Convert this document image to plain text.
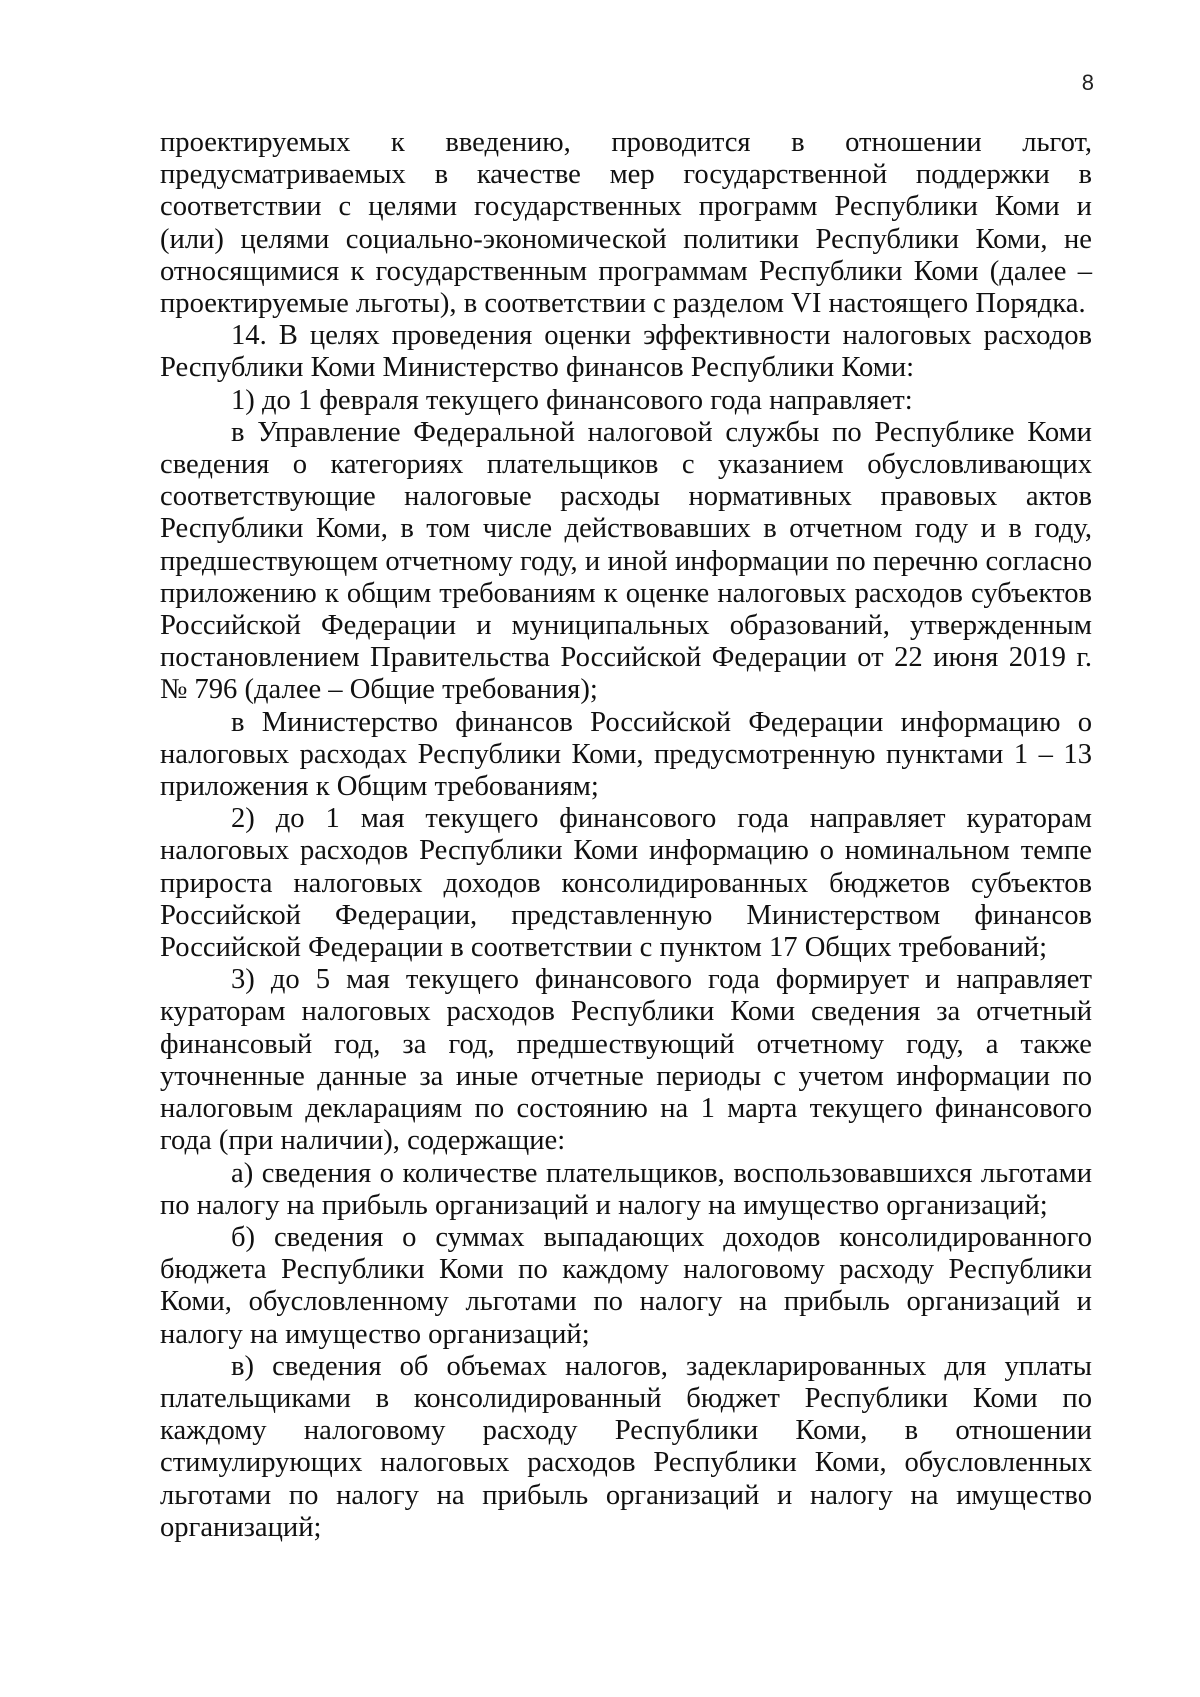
8

проектируемых к введению, проводится в отношении льгот, предусматриваемых в качестве мер государственной поддержки в соответствии с целями государственных программ Республики Коми и (или) целями социально-экономической политики Республики Коми, не относящимися к государственным программам Республики Коми (далее – проектируемые льготы), в соответствии с разделом VI настоящего Порядка.

14. В целях проведения оценки эффективности налоговых расходов Республики Коми Министерство финансов Республики Коми:

1) до 1 февраля текущего финансового года направляет:

в Управление Федеральной налоговой службы по Республике Коми сведения о категориях плательщиков с указанием обусловливающих соответствующие налоговые расходы нормативных правовых актов Республики Коми, в том числе действовавших в отчетном году и в году, предшествующем отчетному году, и иной информации по перечню согласно приложению к общим требованиям к оценке налоговых расходов субъектов Российской Федерации и муниципальных образований, утвержденным постановлением Правительства Российской Федерации от 22 июня 2019 г. № 796 (далее – Общие требования);

в Министерство финансов Российской Федерации информацию о налоговых расходах Республики Коми, предусмотренную пунктами 1 – 13 приложения к Общим требованиям;

2) до 1 мая текущего финансового года направляет кураторам налоговых расходов Республики Коми информацию о номинальном темпе прироста налоговых доходов консолидированных бюджетов субъектов Российской Федерации, представленную Министерством финансов Российской Федерации в соответствии с пунктом 17 Общих требований;

3) до 5 мая текущего финансового года формирует и направляет кураторам налоговых расходов Республики Коми сведения за отчетный финансовый год, за год, предшествующий отчетному году, а также уточненные данные за иные отчетные периоды с учетом информации по налоговым декларациям по состоянию на 1 марта текущего финансового года (при наличии), содержащие:

а) сведения о количестве плательщиков, воспользовавшихся льготами по налогу на прибыль организаций и налогу на имущество организаций;

б) сведения о суммах выпадающих доходов консолидированного бюджета Республики Коми по каждому налоговому расходу Республики Коми, обусловленному льготами по налогу на прибыль организаций и налогу на имущество организаций;

в) сведения об объемах налогов, задекларированных для уплаты плательщиками в консолидированный бюджет Республики Коми по каждому налоговому расходу Республики Коми, в отношении стимулирующих налоговых расходов Республики Коми, обусловленных льготами по налогу на прибыль организаций и налогу на имущество организаций;
